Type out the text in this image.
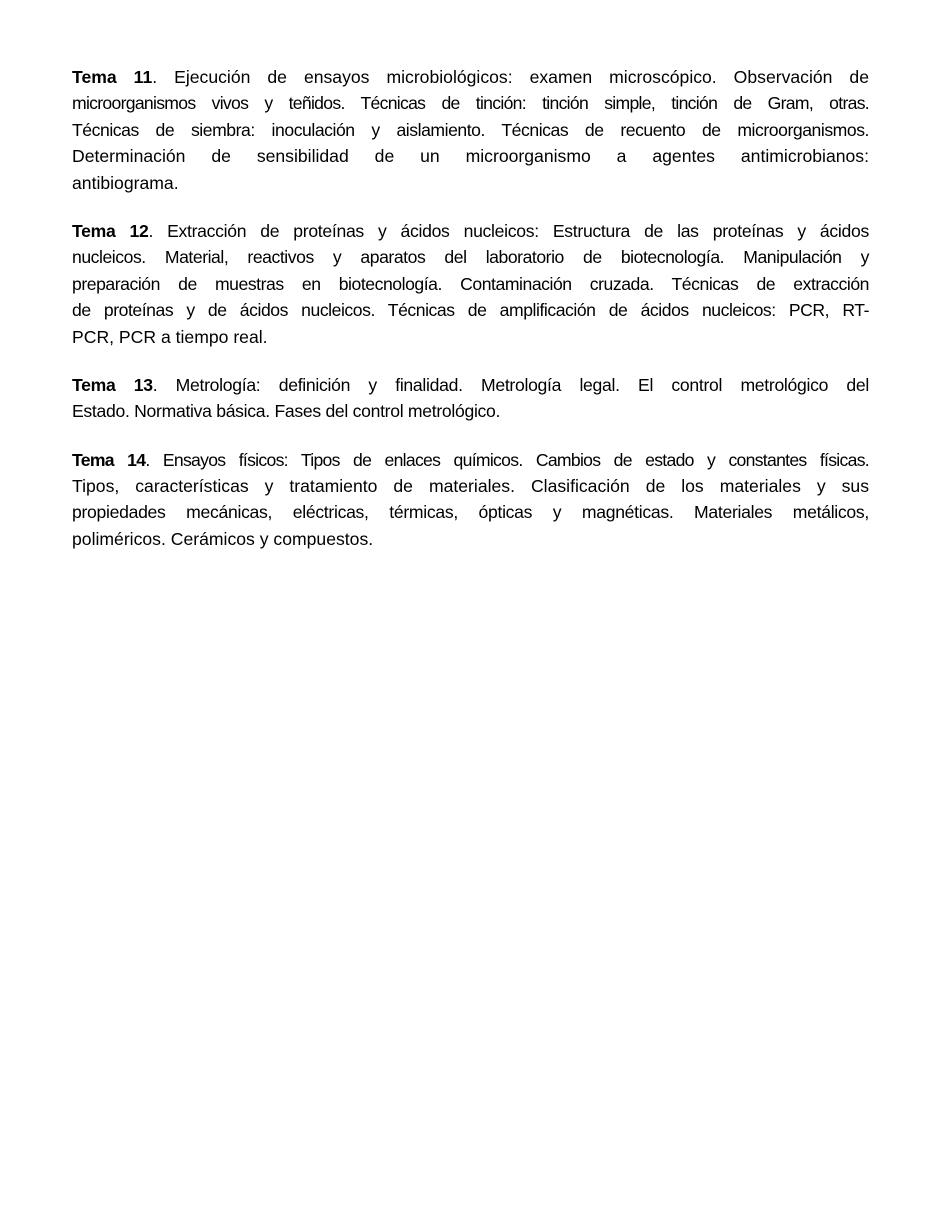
Tema 11. Ejecución de ensayos microbiológicos: examen microscópico. Observación de
microorganismos vivos y teñidos. Técnicas de tinción: tinción simple, tinción de Gram, otras.
Técnicas de siembra: inoculación y aislamiento. Técnicas de recuento de microorganismos.
Determinación de sensibilidad de un microorganismo a agentes antimicrobianos:
antibiograma.
Tema 12. Extracción de proteínas y ácidos nucleicos: Estructura de las proteínas y ácidos
nucleicos. Material, reactivos y aparatos del laboratorio de biotecnología. Manipulación y
preparación de muestras en biotecnología. Contaminación cruzada. Técnicas de extracción
de proteínas y de ácidos nucleicos. Técnicas de amplificación de ácidos nucleicos: PCR, RT-
PCR, PCR a tiempo real.
Tema 13. Metrología: definición y finalidad. Metrología legal. El control metrológico del
Estado. Normativa básica. Fases del control metrológico.
Tema 14. Ensayos físicos: Tipos de enlaces químicos. Cambios de estado y constantes físicas.
Tipos, características y tratamiento de materiales. Clasificación de los materiales y sus
propiedades mecánicas, eléctricas, térmicas, ópticas y magnéticas. Materiales metálicos,
poliméricos. Cerámicos y compuestos.
